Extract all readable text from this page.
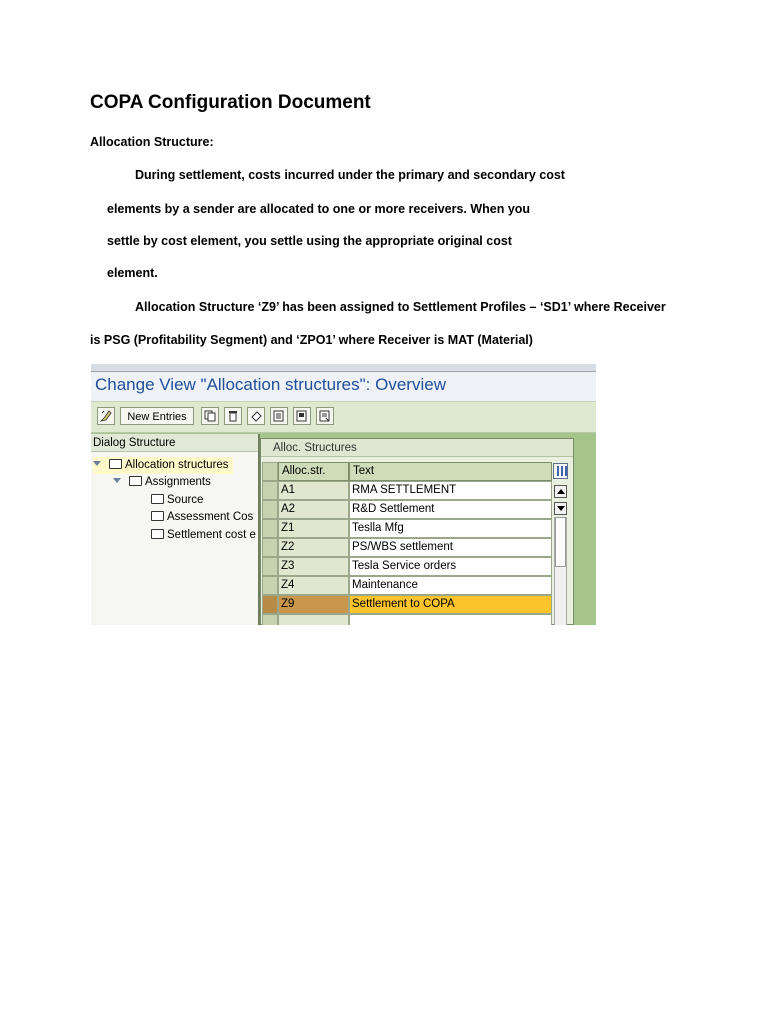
COPA Configuration Document
Allocation Structure:
During settlement, costs incurred under the primary and secondary cost
elements by a sender are allocated to one or more receivers. When you
settle by cost element, you settle using the appropriate original cost
element.
Allocation Structure ‘Z9’ has been assigned to Settlement Profiles – ‘SD1’ where Receiver
is PSG (Profitability Segment) and ‘ZPO1’ where Receiver is MAT (Material)
Change View "Allocation structures": Overview
New Entries
Dialog Structure
Allocation structures
Assignments
Source
Assessment Cos
Settlement cost e
Alloc. Structures
Alloc.str.	Text
A1	RMA SETTLEMENT
A2	R&D Settlement
Z1	Teslla Mfg
Z2	PS/WBS settlement
Z3	Tesla Service orders
Z4	Maintenance
Z9	Settlement to COPA
